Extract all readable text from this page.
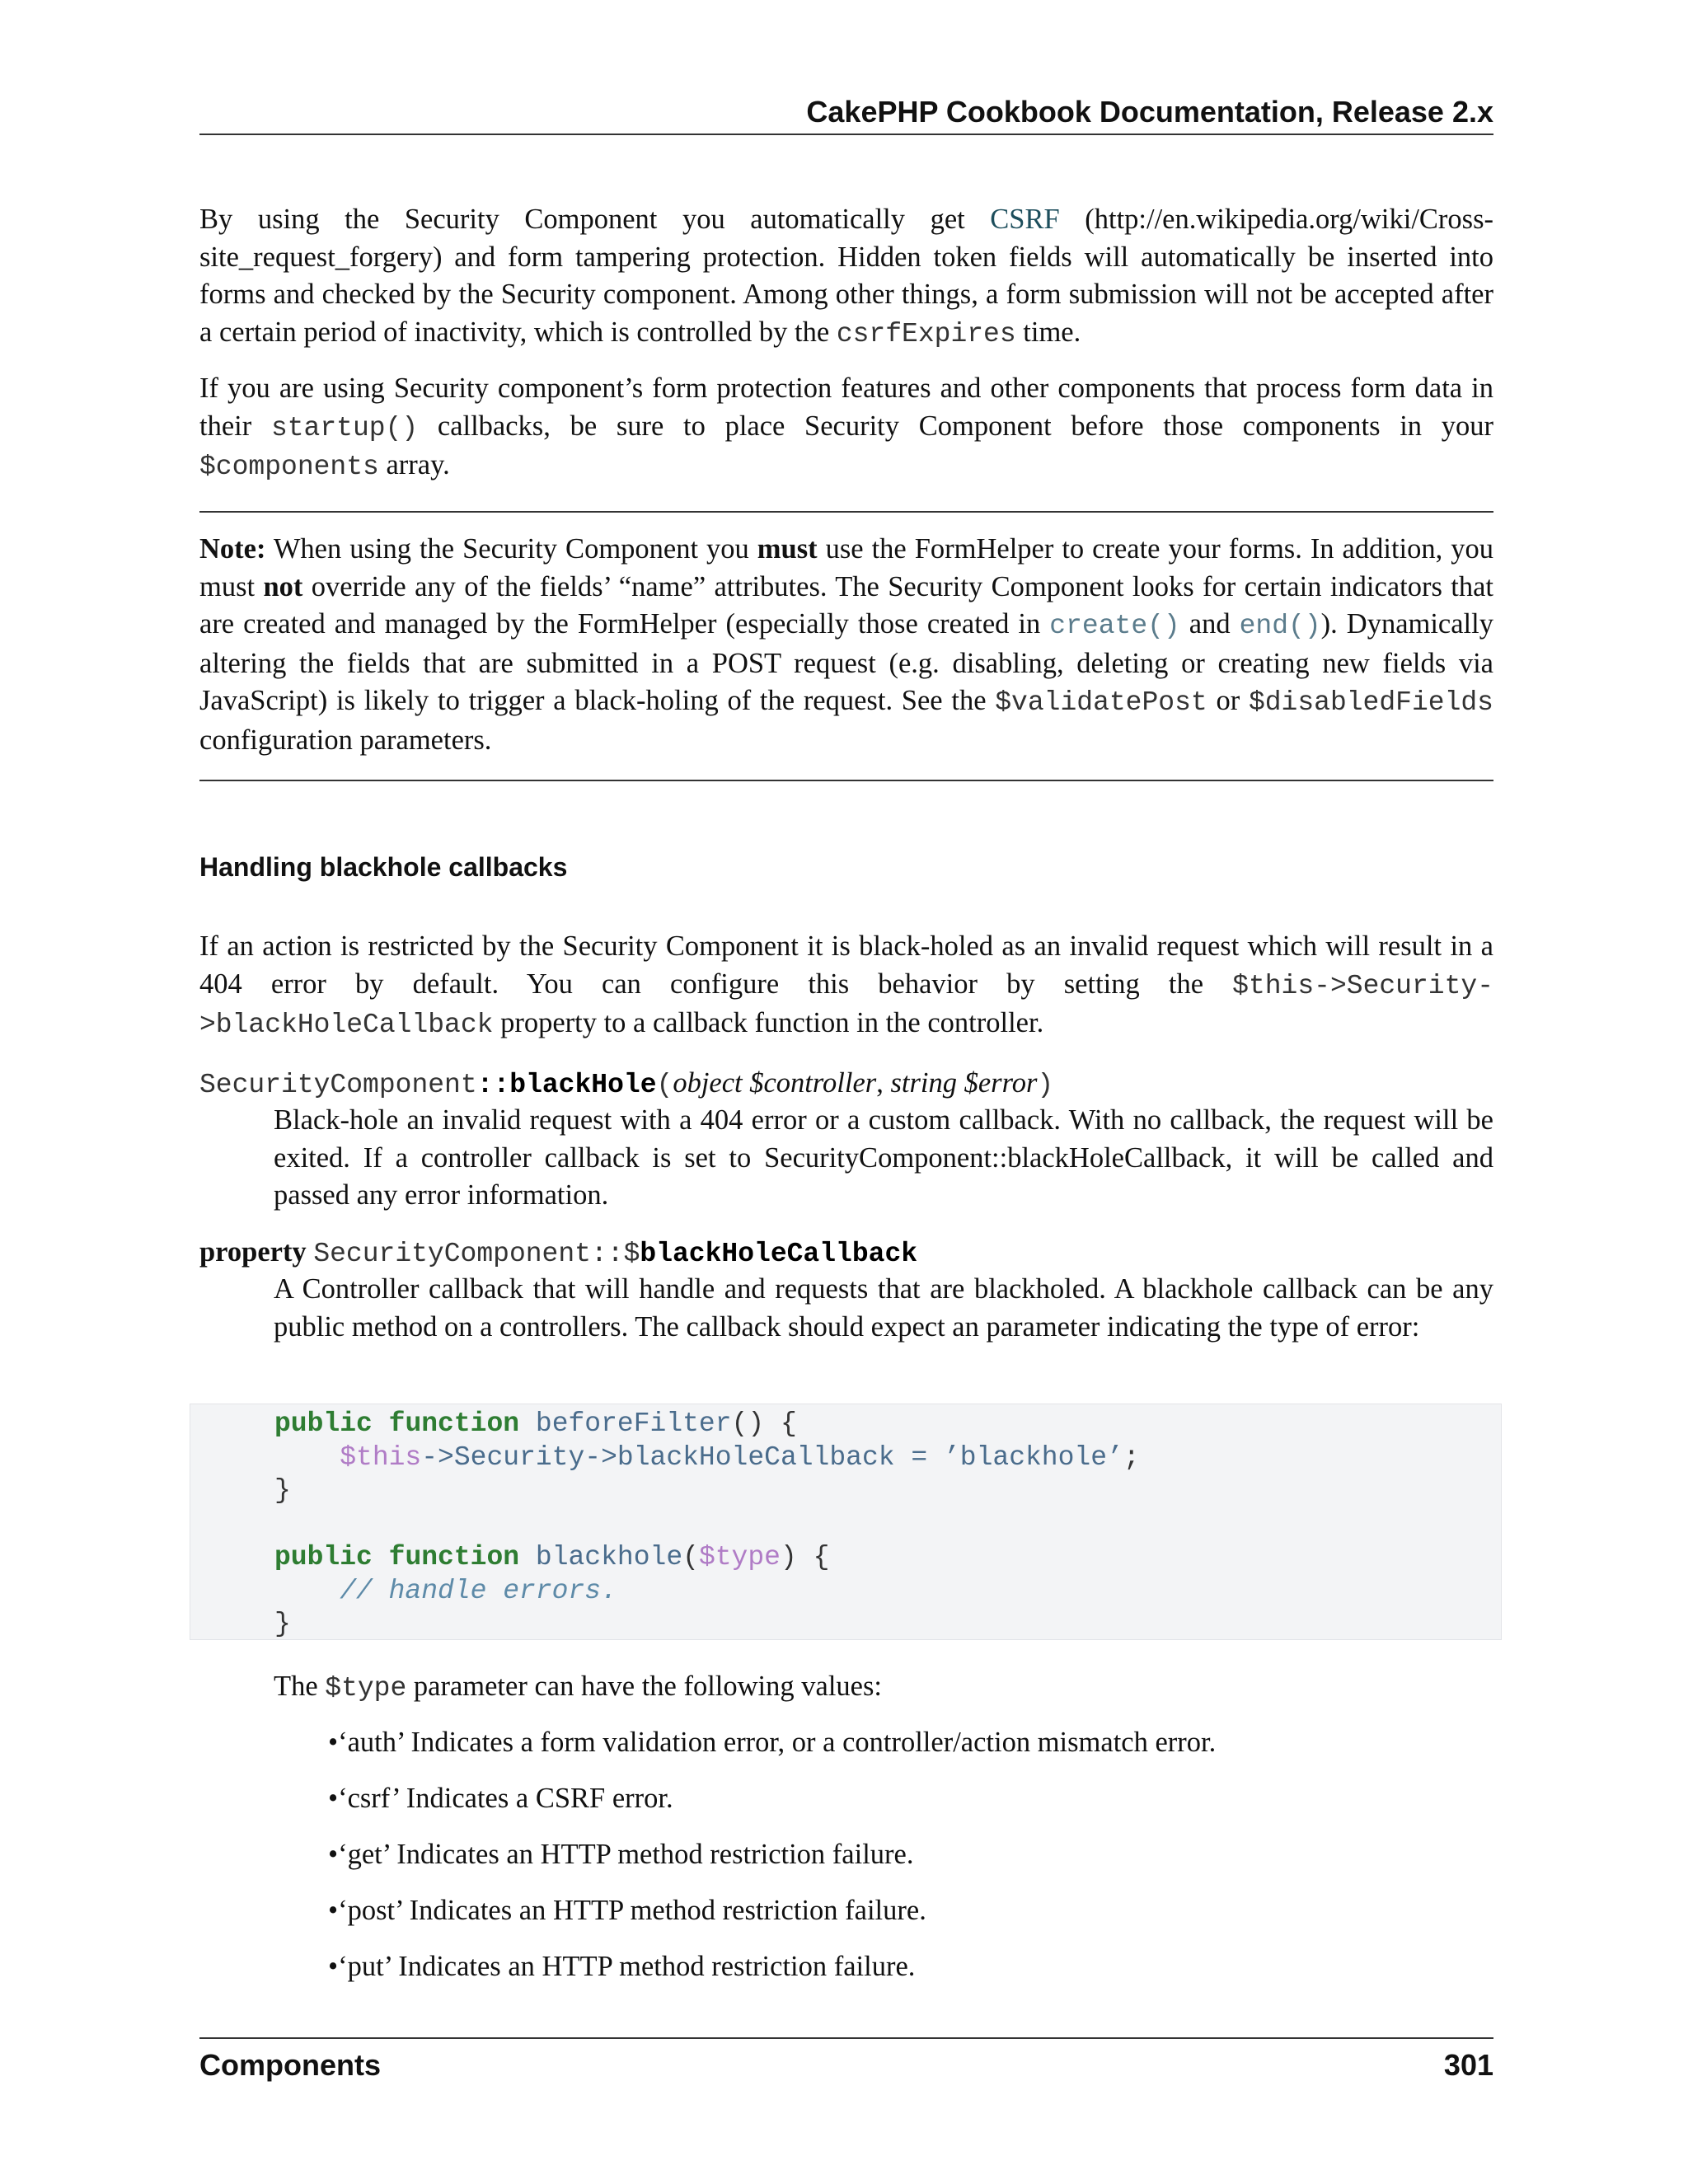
CakePHP Cookbook Documentation, Release 2.x

By using the Security Component you automatically get CSRF (http://en.wikipedia.org/wiki/Cross-site_request_forgery) and form tampering protection. Hidden token fields will automatically be inserted into forms and checked by the Security component. Among other things, a form submission will not be accepted after a certain period of inactivity, which is controlled by the csrfExpires time.

If you are using Security component’s form protection features and other components that process form data in their startup() callbacks, be sure to place Security Component before those components in your $components array.

Note: When using the Security Component you must use the FormHelper to create your forms. In addition, you must not override any of the fields’ “name” attributes. The Security Component looks for certain indicators that are created and managed by the FormHelper (especially those created in create() and end()). Dynamically altering the fields that are submitted in a POST request (e.g. disabling, deleting or creating new fields via JavaScript) is likely to trigger a black-holing of the request. See the $validatePost or $disabledFields configuration parameters.

Handling blackhole callbacks

If an action is restricted by the Security Component it is black-holed as an invalid request which will result in a 404 error by default. You can configure this behavior by setting the $this->Security->blackHoleCallback property to a callback function in the controller.

SecurityComponent::blackHole(object $controller, string $error)

Black-hole an invalid request with a 404 error or a custom callback. With no callback, the request will be exited. If a controller callback is set to SecurityComponent::blackHoleCallback, it will be called and passed any error information.

property SecurityComponent::$blackHoleCallback

A Controller callback that will handle and requests that are blackholed. A blackhole callback can be any public method on a controllers. The callback should expect an parameter indicating the type of error:

public function beforeFilter() {
$this->Security->blackHoleCallback = ’blackhole’;
}

public function blackhole($type) {
// handle errors.
}

The $type parameter can have the following values:

•‘auth’ Indicates a form validation error, or a controller/action mismatch error.
•‘csrf’ Indicates a CSRF error.
•‘get’ Indicates an HTTP method restriction failure.
•‘post’ Indicates an HTTP method restriction failure.
•‘put’ Indicates an HTTP method restriction failure.
Components	301
